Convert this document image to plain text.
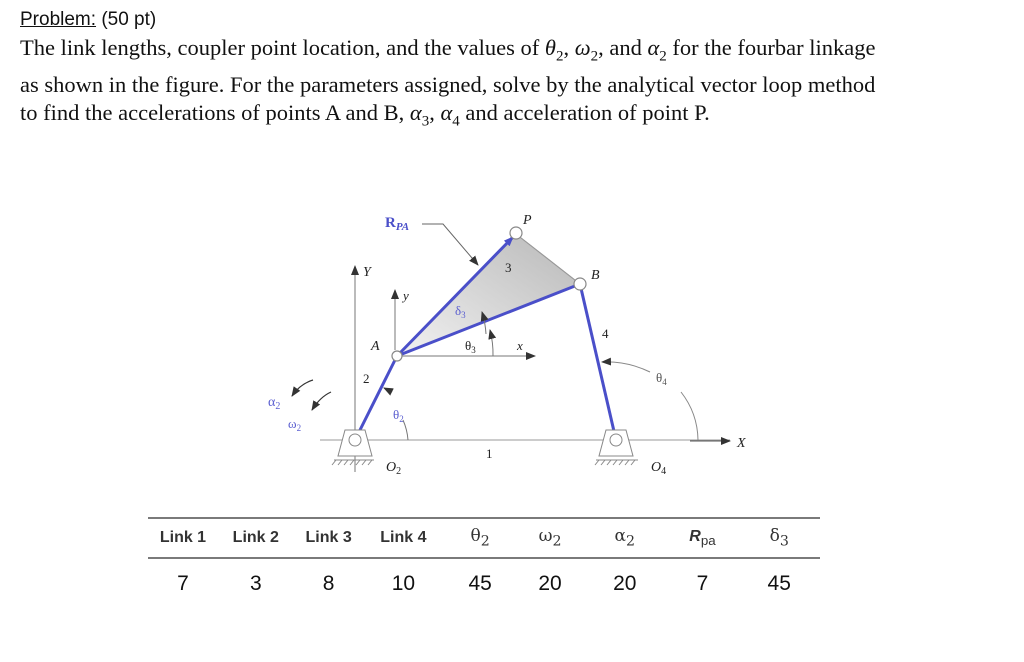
Problem: (50 pt)

The link lengths, coupler point location, and the values of $\theta_2$, $\omega_2$, and $\alpha_2$ for the fourbar linkage

as shown in the figure. For the parameters assigned, solve by the analytical vector loop method

to find the accelerations of points A and B, $\alpha_3$, $\alpha_4$ and acceleration of point P.

$R_{PA}$	P
B
A
Y
y
x
X
1
2
3
4
$\delta_3$
$\theta_3$
$\theta_2$
$\theta_4$
$\alpha_2$
$\omega_2$
$O_2$	$O_4$
Link 1	Link 2	Link 3	Link 4	$\theta_2$	$\omega_2$	$\alpha_2$	$R_{pa}$	$\delta_3$
7	3	8	10	45	20	20	7	45
